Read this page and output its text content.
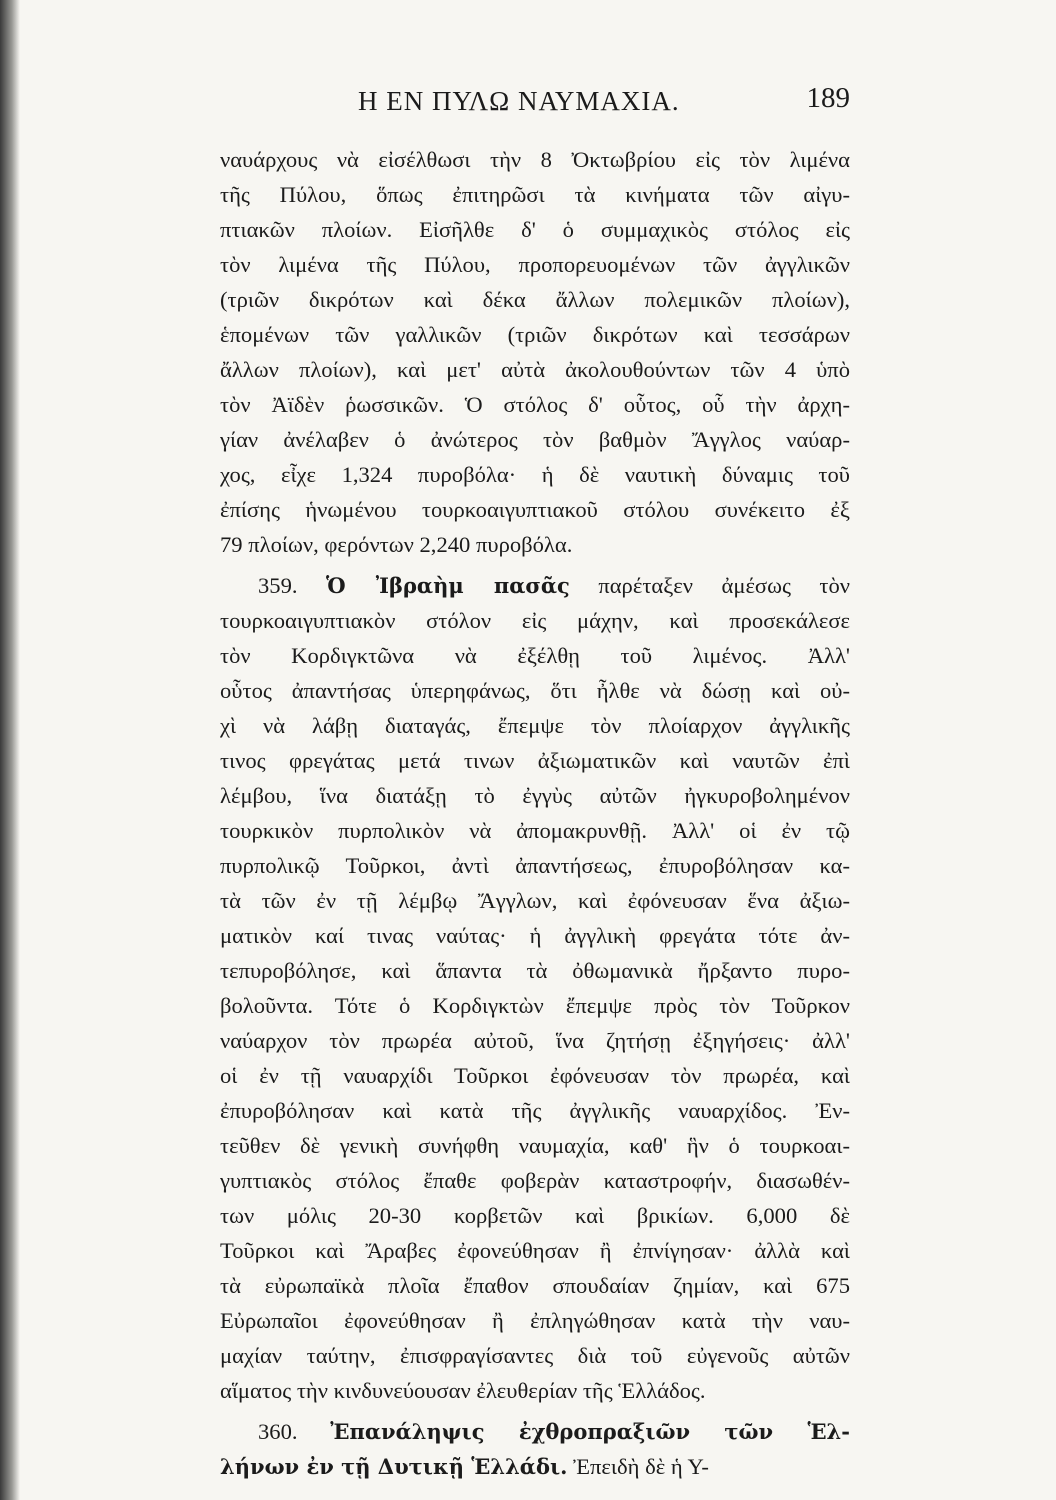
Η ΕΝ ΠΥΛΩ ΝΑΥΜΑΧΙΑ.	189
ναυάρχους νὰ εἰσέλθωσι τὴν 8 Ὀκτωβρίου εἰς τὸν λιμένα
τῆς Πύλου, ὅπως ἐπιτηρῶσι τὰ κινήματα τῶν αἰγυ-
πτιακῶν πλοίων. Εἰσῆλθε δ' ὁ συμμαχικὸς στόλος εἰς
τὸν λιμένα τῆς Πύλου, προπορευομένων τῶν ἀγγλικῶν
(τριῶν δικρότων καὶ δέκα ἄλλων πολεμικῶν πλοίων),
ἑπομένων τῶν γαλλικῶν (τριῶν δικρότων καὶ τεσσάρων
ἄλλων πλοίων), καὶ μετ' αὐτὰ ἀκολουθούντων τῶν 4 ὑπὸ
τὸν Ἀϊδὲν ῥωσσικῶν. Ὁ στόλος δ' οὗτος, οὗ τὴν ἀρχη-
γίαν ἀνέλαβεν ὁ ἀνώτερος τὸν βαθμὸν Ἄγγλος ναύαρ-
χος, εἶχε 1,324 πυροβόλα· ἡ δὲ ναυτικὴ δύναμις τοῦ
ἐπίσης ἡνωμένου τουρκοαιγυπτιακοῦ στόλου συνέκειτο ἐξ
79 πλοίων, φερόντων 2,240 πυροβόλα.
359. Ὁ Ἰβραὴμ πασᾶς παρέταξεν ἀμέσως τὸν
τουρκοαιγυπτιακὸν στόλον εἰς μάχην, καὶ προσεκάλεσε
τὸν Κορδιγκτῶνα νὰ ἐξέλθῃ τοῦ λιμένος. Ἀλλ'
οὗτος ἀπαντήσας ὑπερηφάνως, ὅτι ἦλθε νὰ δώσῃ καὶ οὐ-
χὶ νὰ λάβῃ διαταγάς, ἔπεμψε τὸν πλοίαρχον ἀγγλικῆς
τινος φρεγάτας μετά τινων ἀξιωματικῶν καὶ ναυτῶν ἐπὶ
λέμβου, ἵνα διατάξῃ τὸ ἐγγὺς αὐτῶν ἠγκυροβολημένον
τουρκικὸν πυρπολικὸν νὰ ἀπομακρυνθῇ. Ἀλλ' οἱ ἐν τῷ
πυρπολικῷ Τοῦρκοι, ἀντὶ ἀπαντήσεως, ἐπυροβόλησαν κα-
τὰ τῶν ἐν τῇ λέμβῳ Ἄγγλων, καὶ ἐφόνευσαν ἕνα ἀξιω-
ματικὸν καί τινας ναύτας· ἡ ἀγγλικὴ φρεγάτα τότε ἀν-
τεπυροβόλησε, καὶ ἅπαντα τὰ ὀθωμανικὰ ἤρξαντο πυρο-
βολοῦντα. Τότε ὁ Κορδιγκτὼν ἔπεμψε πρὸς τὸν Τοῦρκον
ναύαρχον τὸν πρωρέα αὐτοῦ, ἵνα ζητήσῃ ἐξηγήσεις· ἀλλ'
οἱ ἐν τῇ ναυαρχίδι Τοῦρκοι ἐφόνευσαν τὸν πρωρέα, καὶ
ἐπυροβόλησαν καὶ κατὰ τῆς ἀγγλικῆς ναυαρχίδος. Ἐν-
τεῦθεν δὲ γενικὴ συνήφθη ναυμαχία, καθ' ἣν ὁ τουρκοαι-
γυπτιακὸς στόλος ἔπαθε φοβερὰν καταστροφήν, διασωθέν-
των μόλις 20-30 κορβετῶν καὶ βρικίων. 6,000 δὲ
Τοῦρκοι καὶ Ἄραβες ἐφονεύθησαν ἢ ἐπνίγησαν· ἀλλὰ καὶ
τὰ εὐρωπαϊκὰ πλοῖα ἔπαθον σπουδαίαν ζημίαν, καὶ 675
Εὐρωπαῖοι ἐφονεύθησαν ἢ ἐπληγώθησαν κατὰ τὴν ναυ-
μαχίαν ταύτην, ἐπισφραγίσαντες διὰ τοῦ εὐγενοῦς αὐτῶν
αἵματος τὴν κινδυνεύουσαν ἐλευθερίαν τῆς Ἑλλάδος.
360. Ἐπανάληψις ἐχθροπραξιῶν τῶν Ἑλ-
λήνων ἐν τῇ Δυτικῇ Ἑλλάδι. Ἐπειδὴ δὲ ἡ Υ-
